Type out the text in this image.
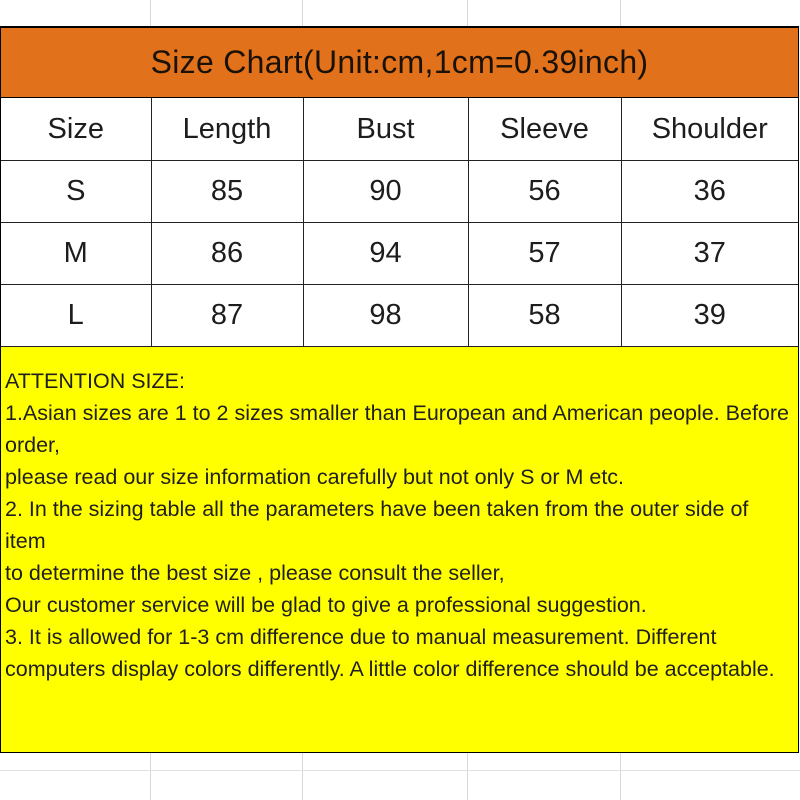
Size Chart(Unit:cm,1cm=0.39inch)
Size	Length	Bust	Sleeve	Shoulder
S	85	90	56	36
M	86	94	57	37
L	87	98	58	39

ATTENTION SIZE:

1.Asian sizes are 1 to 2 sizes smaller than European and American people. Before order,

please read our size information carefully but not only S or M etc.

2. In the sizing table all the parameters have been taken from the outer side of item

to determine the best size , please consult the seller,

Our customer service will be glad to give a professional suggestion.

3. It is allowed for 1-3 cm difference due to manual measurement. Different computers display colors differently. A little color difference should be acceptable.
